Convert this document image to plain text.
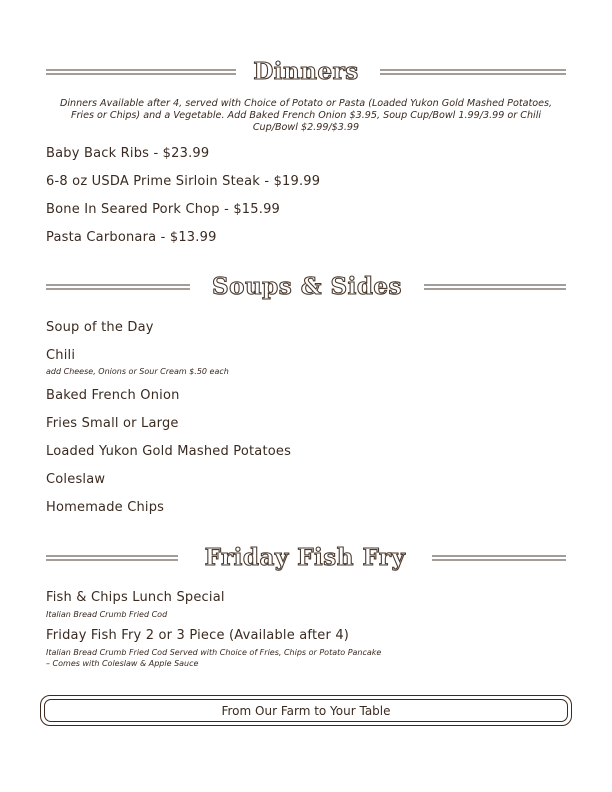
Dinners
Dinners Available after 4, served with Choice of Potato or Pasta (Loaded Yukon Gold Mashed Potatoes, Fries or Chips) and a Vegetable. Add Baked French Onion $3.95, Soup Cup/Bowl 1.99/3.99 or Chili Cup/Bowl $2.99/$3.99
Baby Back Ribs - $23.99
6-8 oz USDA Prime Sirloin Steak - $19.99
Bone In Seared Pork Chop - $15.99
Pasta Carbonara - $13.99
Soups & Sides
Soup of the Day
Chili
add Cheese, Onions or Sour Cream $.50 each
Baked French Onion
Fries Small or Large
Loaded Yukon Gold Mashed Potatoes
Coleslaw
Homemade Chips
Friday Fish Fry
Fish & Chips Lunch Special
Italian Bread Crumb Fried Cod
Friday Fish Fry 2 or 3 Piece (Available after 4)
Italian Bread Crumb Fried Cod Served with Choice of Fries, Chips or Potato Pancake
– Comes with Coleslaw & Apple Sauce
From Our Farm to Your Table
